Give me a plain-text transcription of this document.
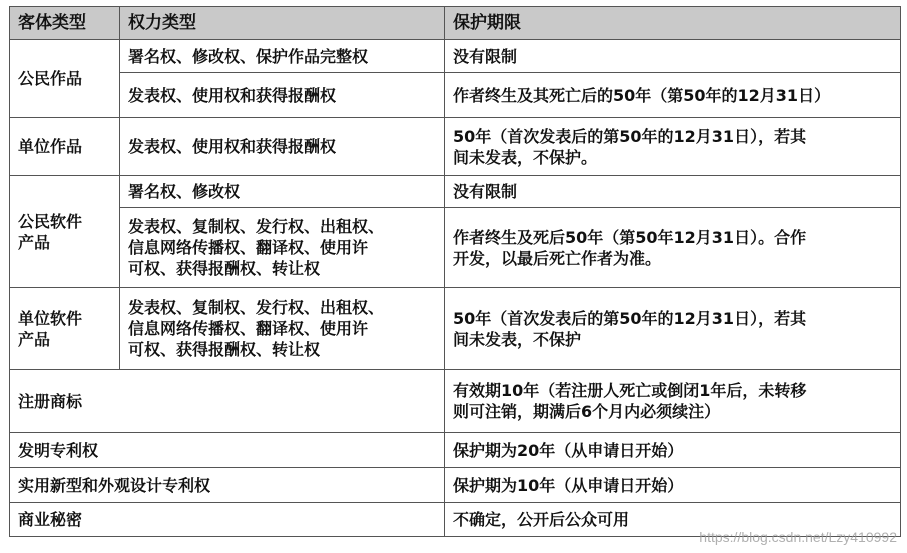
客体类型	权力类型	保护期限
公民作品	署名权、修改权、保护作品完整权	没有限制
	发表权、使用权和获得报酬权	作者终生及其死亡后的50年（第50年的12月31日）
单位作品	发表权、使用权和获得报酬权	50年（首次发表后的第50年的12月31日），若其
间未发表，不保护。
公民软件
产品	署名权、修改权	没有限制
	发表权、复制权、发行权、出租权、
信息网络传播权、翻译权、使用许
可权、获得报酬权、转让权	作者终生及死后50年（第50年12月31日）。合作
开发，以最后死亡作者为准。
单位软件
产品	发表权、复制权、发行权、出租权、
信息网络传播权、翻译权、使用许
可权、获得报酬权、转让权	50年（首次发表后的第50年的12月31日），若其
间未发表，不保护
注册商标		有效期10年（若注册人死亡或倒闭1年后，未转移
则可注销，期满后6个月内必须续注）
发明专利权		保护期为20年（从申请日开始）
实用新型和外观设计专利权		保护期为10年（从申请日开始）
商业秘密		不确定，公开后公众可用
https://blog.csdn.net/Lzy410992
